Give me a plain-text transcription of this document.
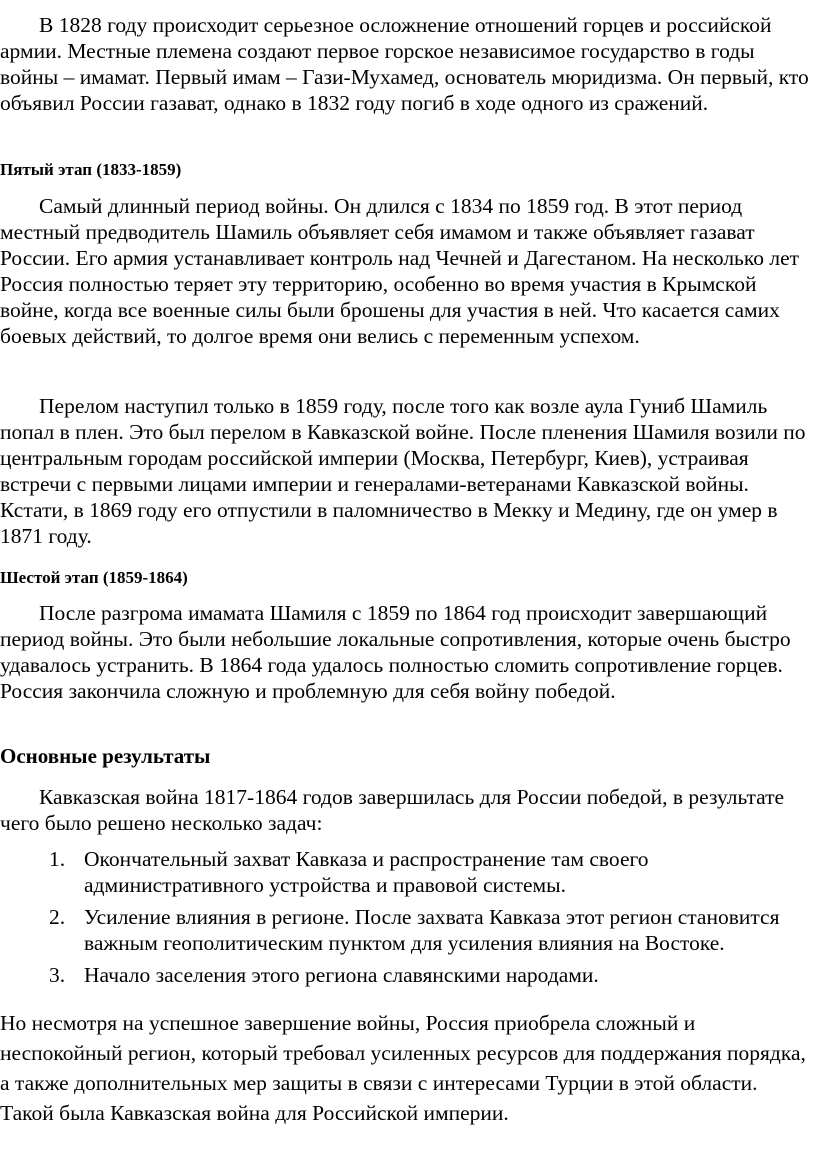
В 1828 году происходит серьезное осложнение отношений горцев и российской армии. Местные племена создают первое горское независимое государство в годы войны – имамат. Первый имам – Гази-Мухамед, основатель мюридизма. Он первый, кто объявил России газават, однако в 1832 году погиб в ходе одного из сражений.

Пятый этап (1833-1859)

Самый длинный период войны. Он длился с 1834 по 1859 год. В этот период местный предводитель Шамиль объявляет себя имамом и также объявляет газават России. Его армия устанавливает контроль над Чечней и Дагестаном. На несколько лет Россия полностью теряет эту территорию, особенно во время участия в Крымской войне, когда все военные силы были брошены для участия в ней. Что касается самих боевых действий, то долгое время они велись с переменным успехом.

Перелом наступил только в 1859 году, после того как возле аула Гуниб Шамиль попал в плен. Это был перелом в Кавказской войне. После пленения Шамиля возили по центральным городам российской империи (Москва, Петербург, Киев), устраивая встречи с первыми лицами империи и генералами-ветеранами Кавказской войны. Кстати, в 1869 году его отпустили в паломничество в Мекку и Медину, где он умер в 1871 году.

Шестой этап (1859-1864)

После разгрома имамата Шамиля с 1859 по 1864 год происходит завершающий период войны. Это были небольшие локальные сопротивления, которые очень быстро удавалось устранить. В 1864 года удалось полностью сломить сопротивление горцев. Россия закончила сложную и проблемную для себя войну победой.

Основные результаты

Кавказская война 1817-1864 годов завершилась для России победой, в результате чего было решено несколько задач:

1. Окончательный захват Кавказа и распространение там своего административного устройства и правовой системы.
2. Усиление влияния в регионе. После захвата Кавказа этот регион становится важным геополитическим пунктом для усиления влияния на Востоке.
3. Начало заселения этого региона славянскими народами.

Но несмотря на успешное завершение войны, Россия приобрела сложный и неспокойный регион, который требовал усиленных ресурсов для поддержания порядка, а также дополнительных мер защиты в связи с интересами Турции в этой области. Такой была Кавказская война для Российской империи.
